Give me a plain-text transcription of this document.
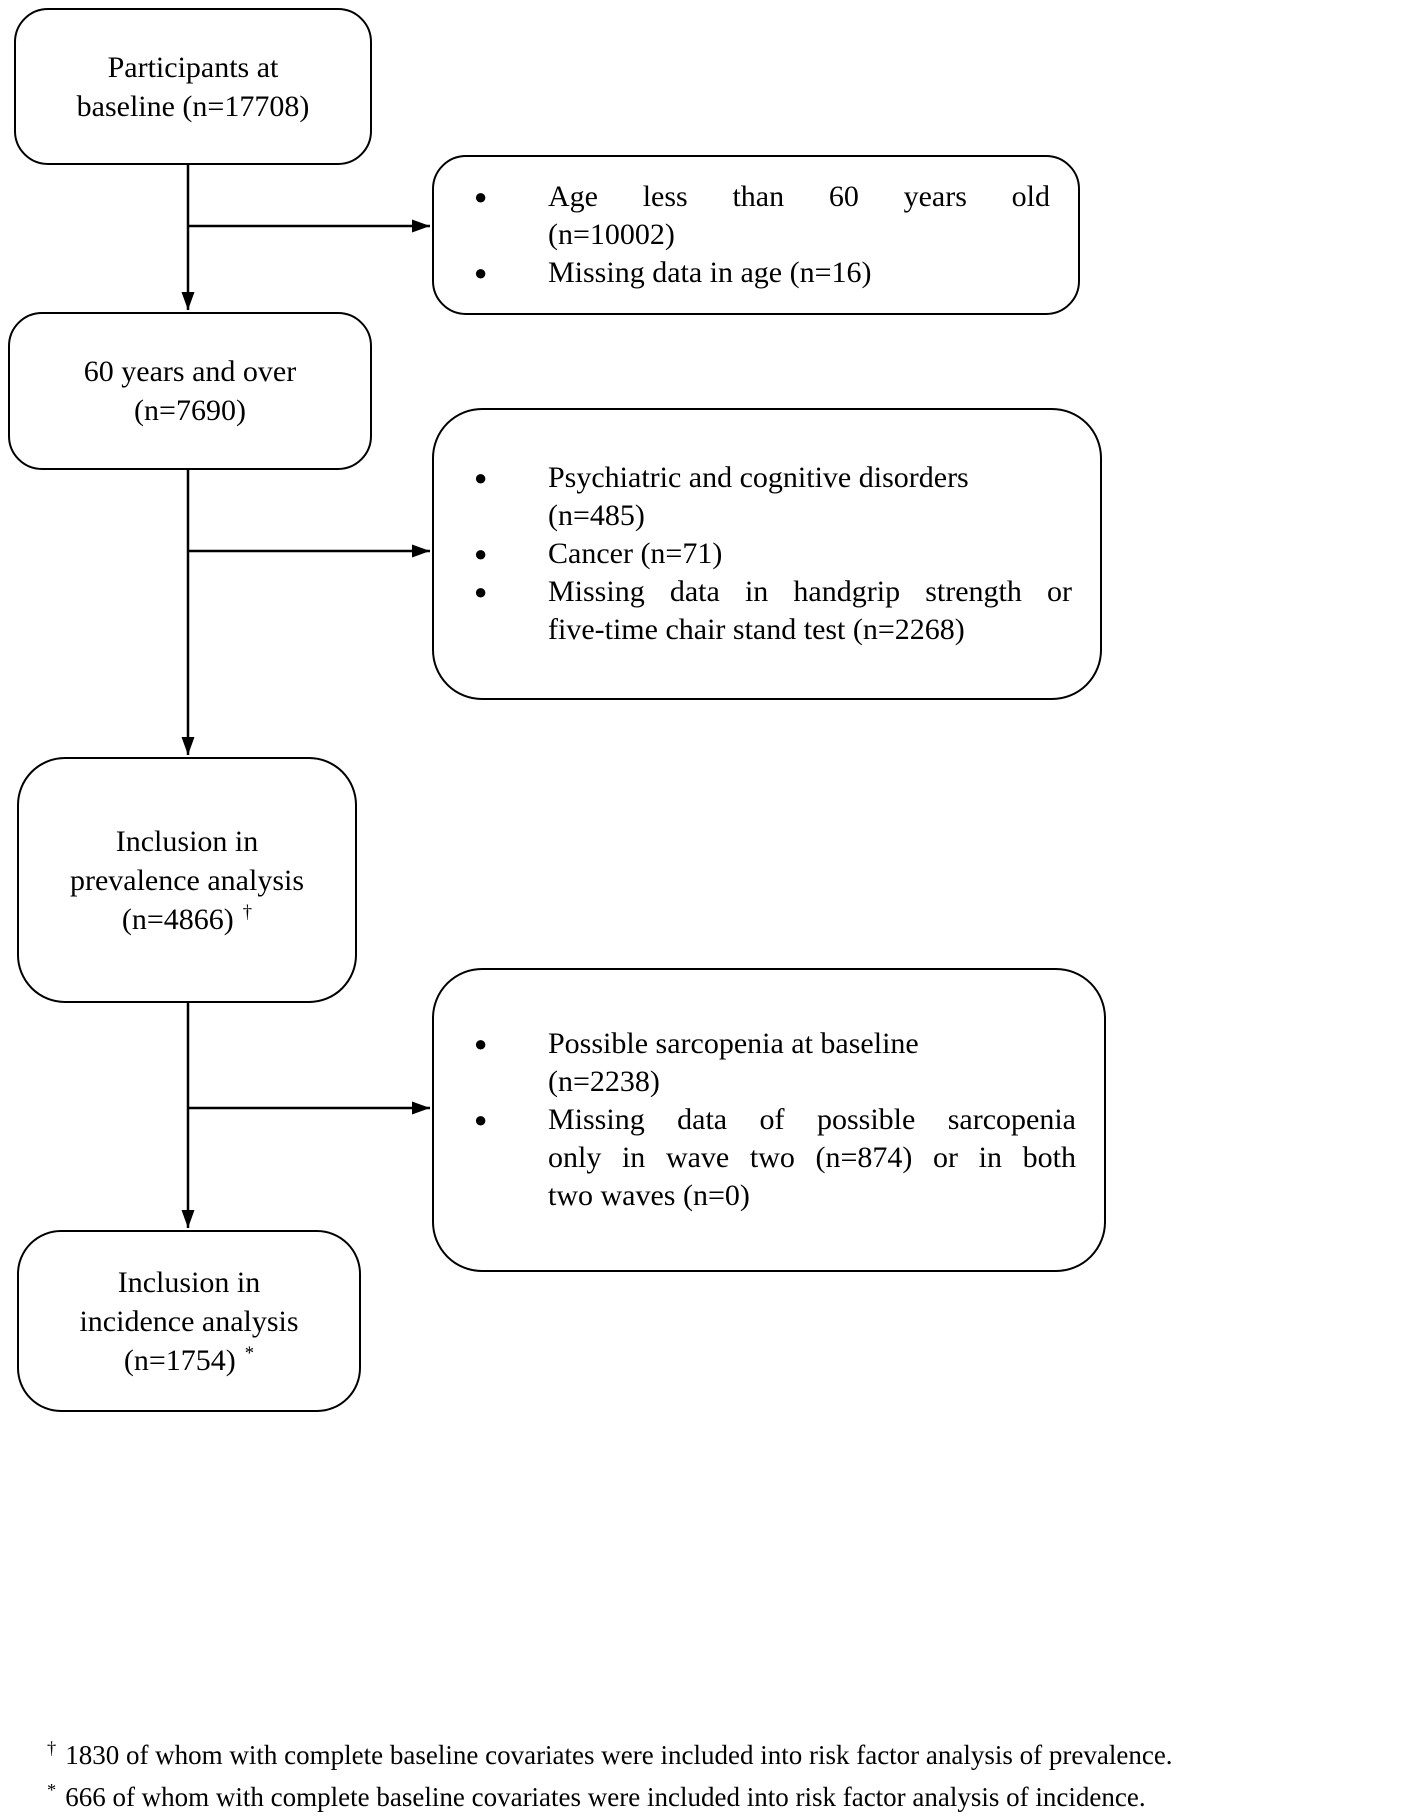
Participants at
baseline (n=17708)
60 years and over
(n=7690)
Inclusion in
prevalence analysis
(n=4866) †
Inclusion in
incidence analysis
(n=1754) *
●	Age less than 60 years old
(n=10002)
●	Missing data in age (n=16)
●	Psychiatric and cognitive disorders
(n=485)
●	Cancer (n=71)
●	Missing data in handgrip strength or
five-time chair stand test (n=2268)
●	Possible sarcopenia at baseline
(n=2238)
●	Missing data of possible sarcopenia
only in wave two (n=874) or in both
two waves (n=0)
† 1830 of whom with complete baseline covariates were included into risk factor analysis of prevalence.
* 666 of whom with complete baseline covariates were included into risk factor analysis of incidence.
